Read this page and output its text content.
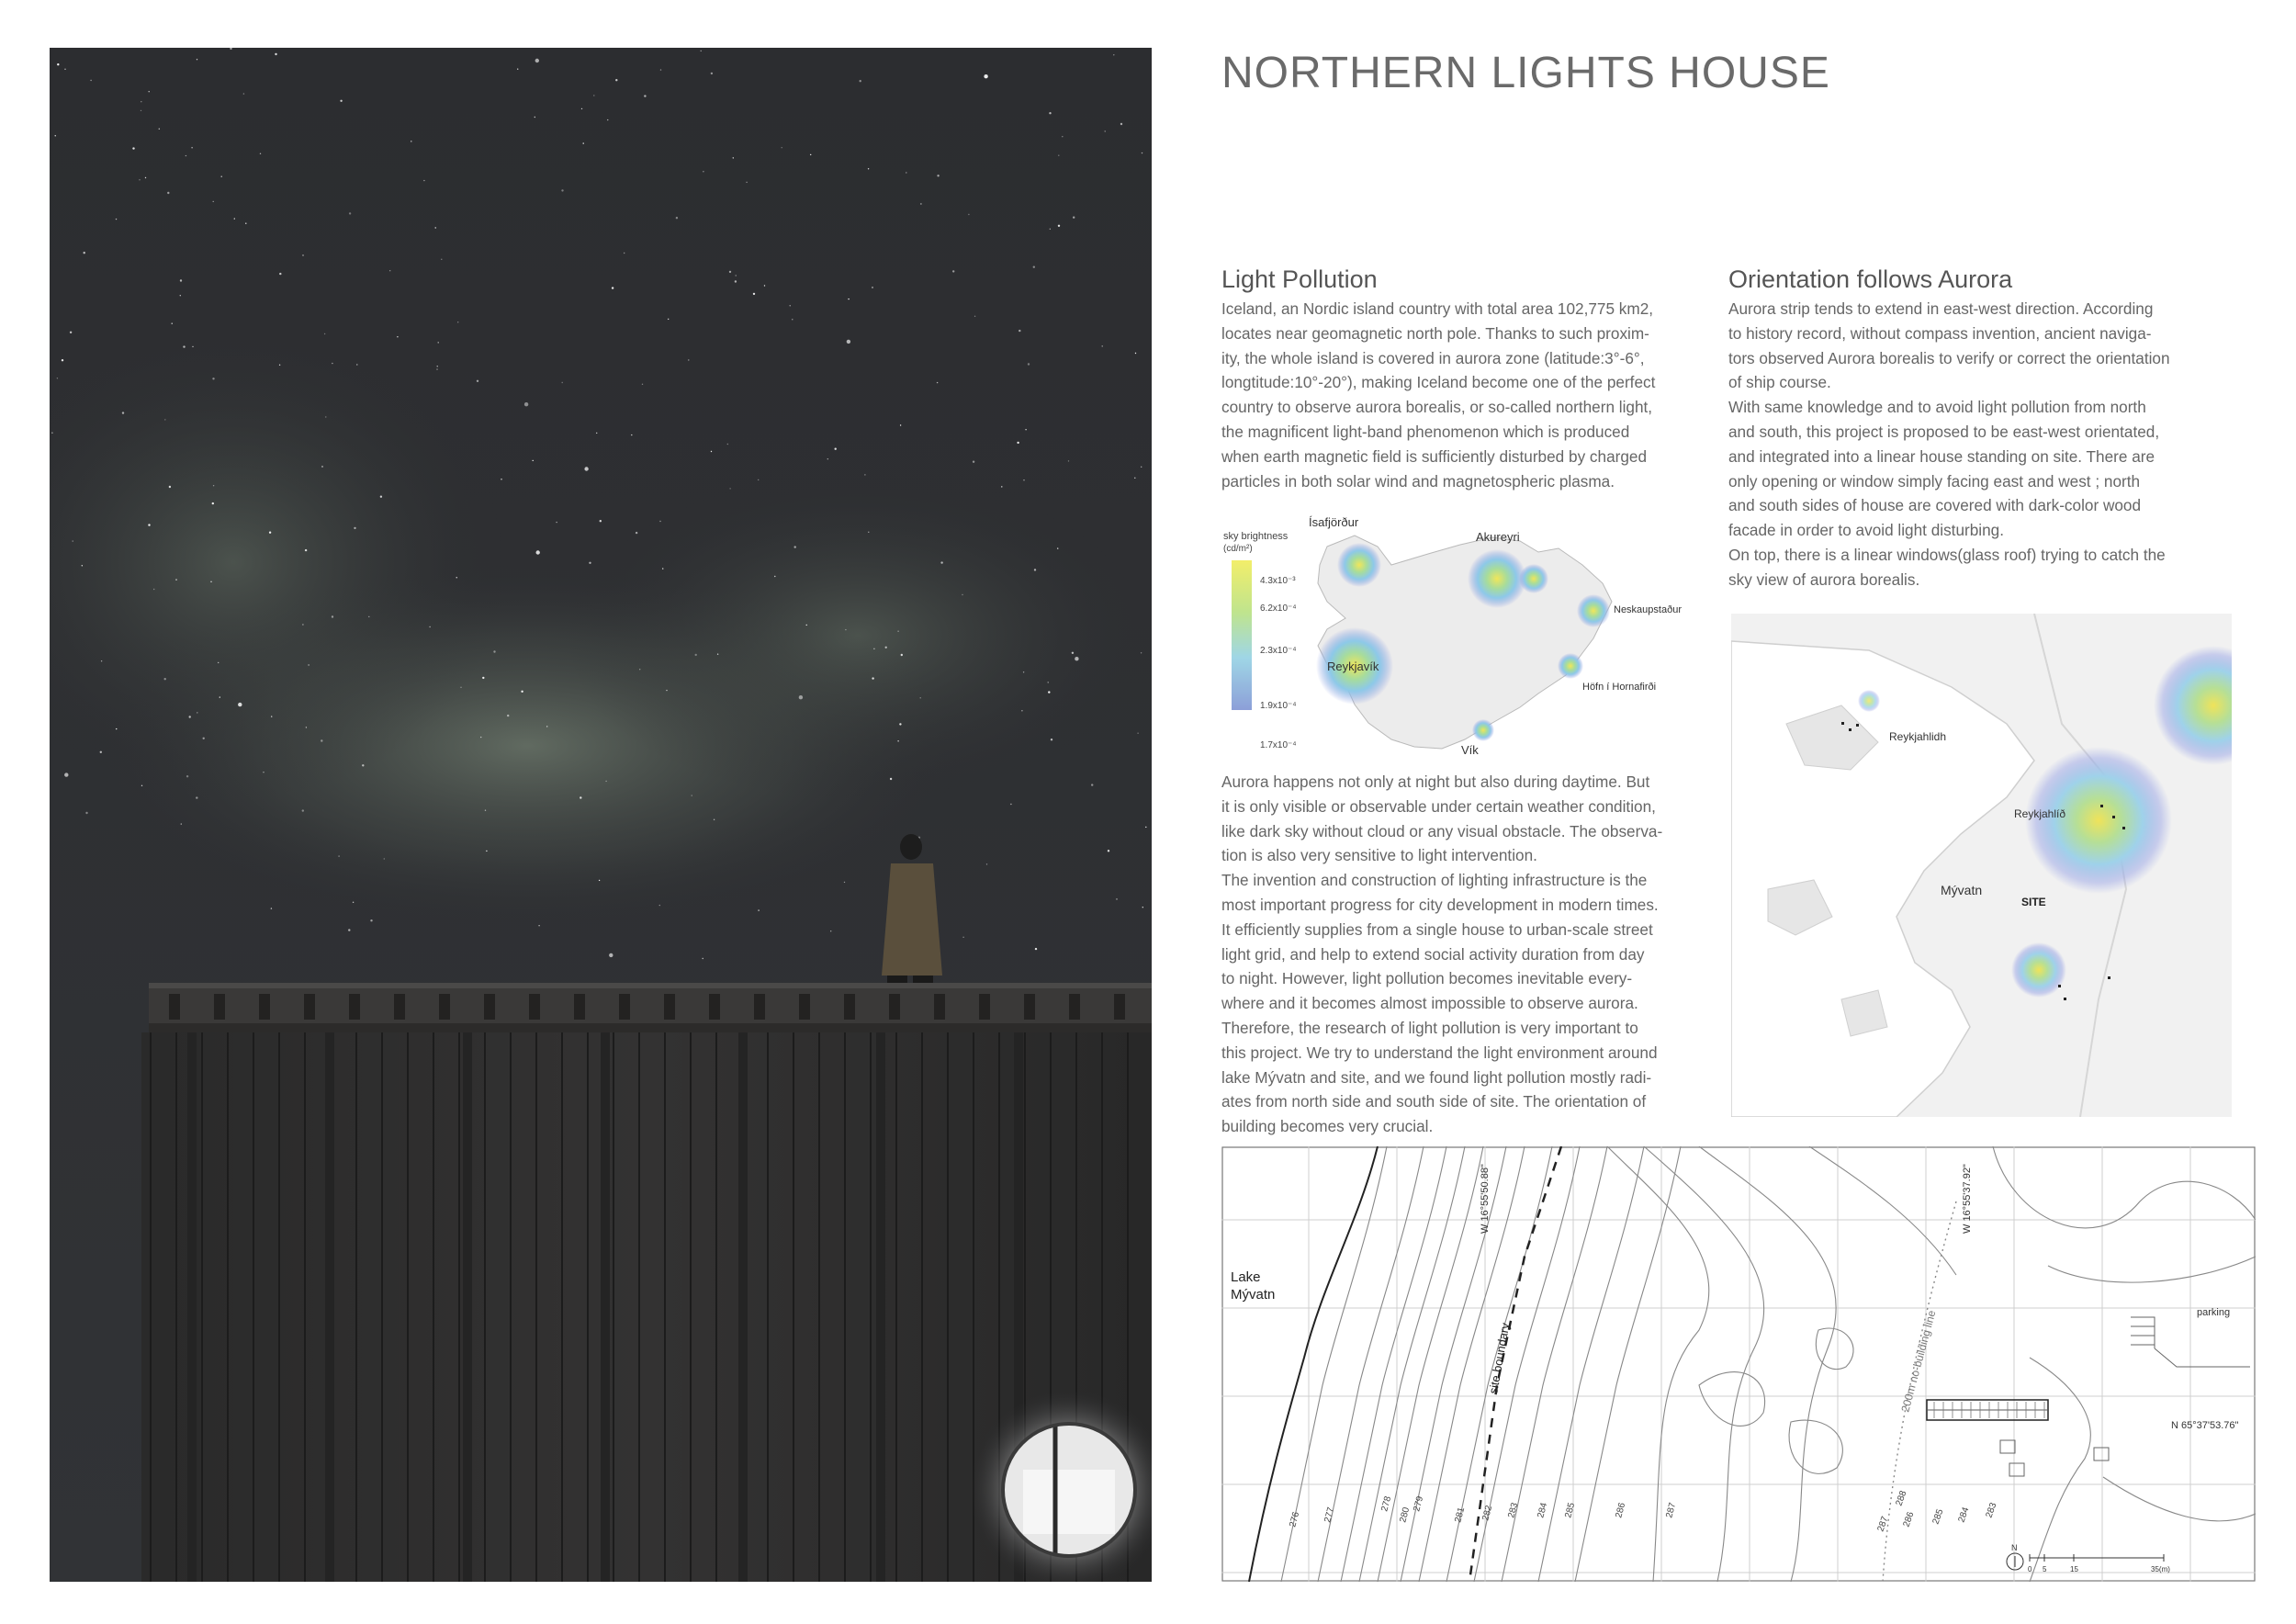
NORTHERN LIGHTS HOUSE
Light Pollution
Iceland, an Nordic island country with total area 102,775 km2,
locates near geomagnetic north pole. Thanks to such proxim-
ity, the whole island is covered in aurora zone (latitude:3°-6°,
longtitude:10°-20°), making Iceland become one of the perfect
country to observe aurora borealis, or so-called northern light,
the magnificent light-band phenomenon which is produced
when earth magnetic field is sufficiently disturbed by charged
particles in both solar wind and magnetospheric plasma.
sky brightness
(cd/m²)
4.3x10⁻³
6.2x10⁻⁴
2.3x10⁻⁴
1.9x10⁻⁴
1.7x10⁻⁴
Ísafjörður
Akureyri
Neskaupstaður
Reykjavík
Höfn í Hornafirði
Vík
Aurora happens not only at night but also during daytime. But
it is only visible or observable under certain weather condition,
like dark sky without cloud or any visual obstacle. The observa-
tion is also very sensitive to light intervention.
The invention and construction of lighting infrastructure is the
most important progress for city development in modern times.
It efficiently supplies from a single house to urban-scale street
light grid, and help to extend social activity duration from day
to night. However, light pollution becomes inevitable every-
where and it becomes almost impossible to observe aurora.
Therefore, the research of light pollution is very important to
this project. We try to understand the light environment around
lake Mývatn and site, and we found light pollution mostly radi-
ates from north side and south side of site. The orientation of
building becomes very crucial.
Orientation follows Aurora
Aurora strip tends to extend in east-west direction. According
to history record, without compass invention, ancient naviga-
tors observed Aurora borealis to verify or correct the orientation
of ship course.
With same knowledge and to avoid light pollution from north
and south, this project is proposed to be east-west orientated,
and integrated into a linear house standing on site. There are
only opening or window simply facing east and west ; north
and south sides of house are covered with dark-color wood
facade in order to avoid light disturbing.
On top, there is a linear windows(glass roof) trying to catch the
sky view of aurora borealis.
Reykjahlidh
Reykjahlíð
Mývatn
SITE
Lake
Mývatn
site boundary	200m no-building line
W 16°55'50.88"	W 16°55'37.92"
N 65°37'53.76"
parking
276 277
278
280
279
281 282 283 284 285	286	287
288
287 286 285 284 283
N
0 5	15	35(m)
